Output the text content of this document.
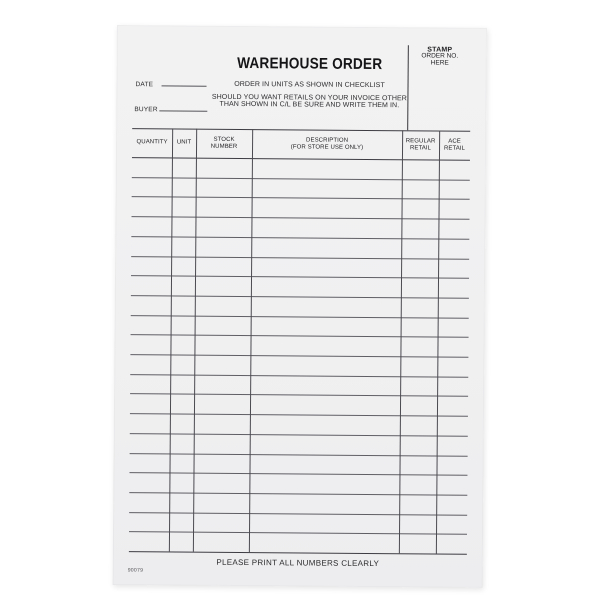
WAREHOUSE ORDER
ORDER IN UNITS AS SHOWN IN CHECKLIST
SHOULD YOU WANT RETAILS ON YOUR INVOICE OTHER
THAN SHOWN IN C/L BE SURE AND WRITE THEM IN.
DATE
BUYER
STAMP
ORDER NO.
HERE
QUANTITY	UNIT
STOCK
NUMBER
DESCRIPTION
(FOR STORE USE ONLY)
REGULAR
RETAIL
ACE
RETAIL
PLEASE PRINT ALL NUMBERS CLEARLY
90079
